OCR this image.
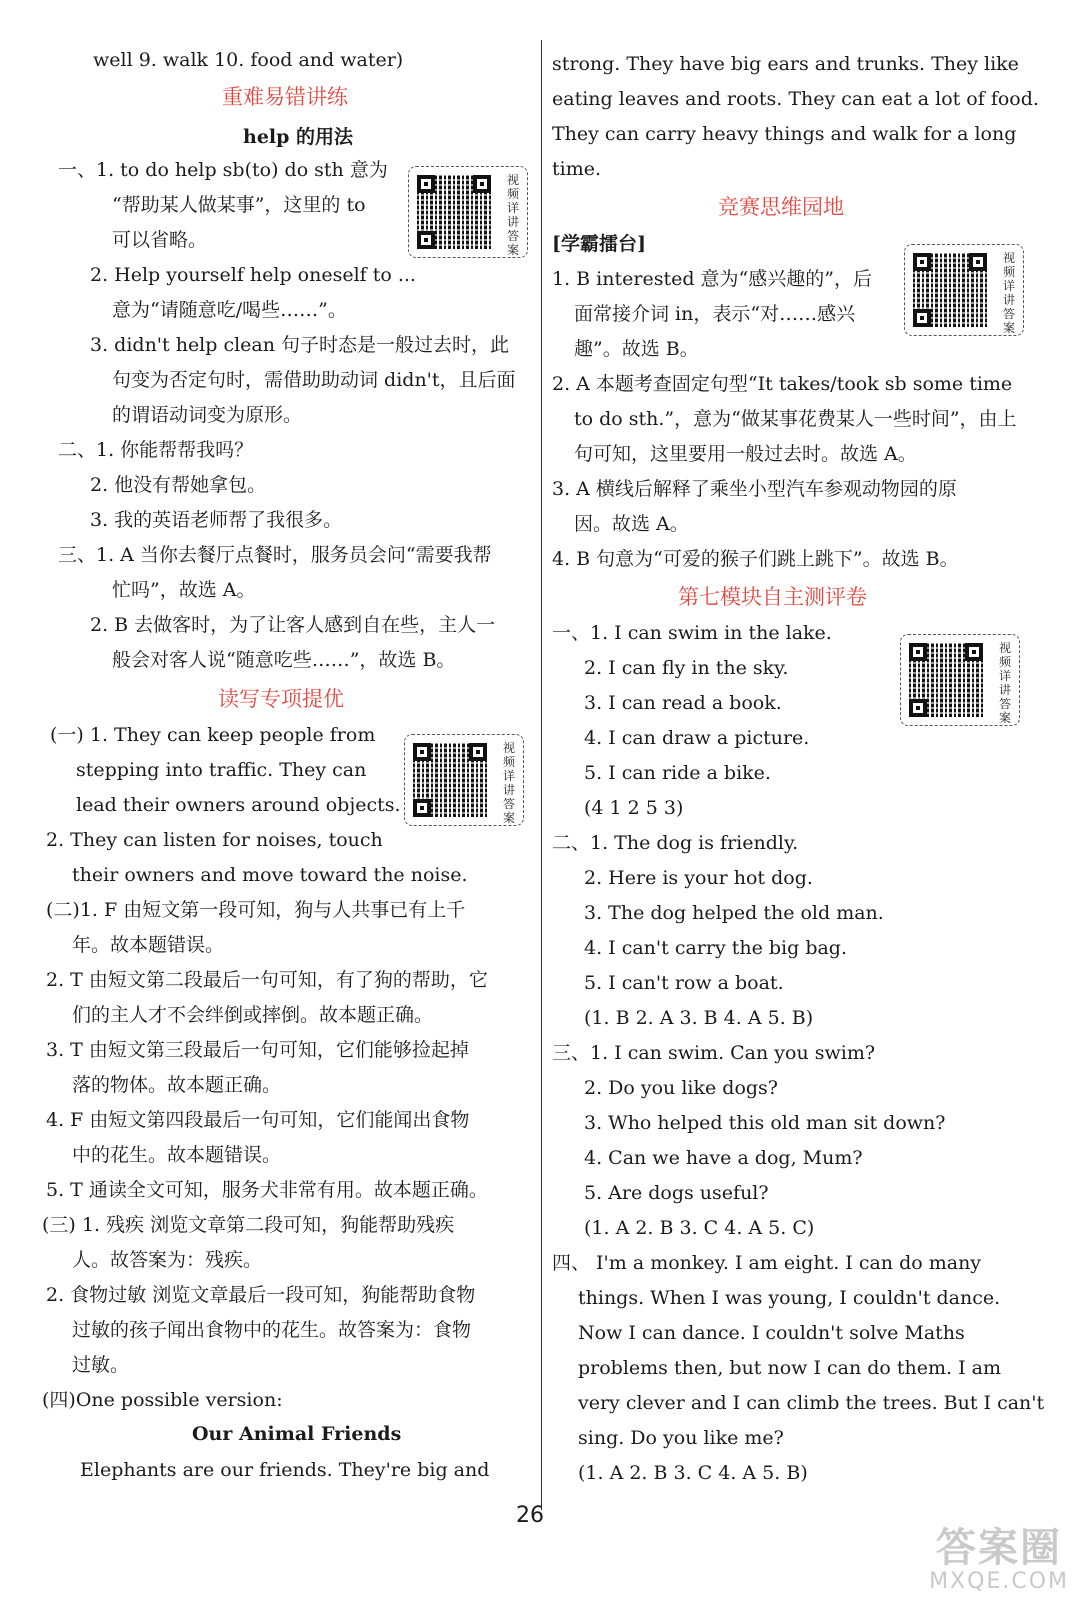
well 9. walk 10. food and water)
重难易错讲练
help 的用法
一、1. to do help sb(to) do sth 意为
“帮助某人做某事”，这里的 to
可以省略。
2. Help yourself help oneself to ...
意为“请随意吃/喝些……”。
3. didn't help clean 句子时态是一般过去时，此
句变为否定句时，需借助助动词 didn't，且后面
的谓语动词变为原形。
二、1. 你能帮帮我吗？
2. 他没有帮她拿包。
3. 我的英语老师帮了我很多。
三、1. A 当你去餐厅点餐时，服务员会问“需要我帮
忙吗”，故选 A。
2. B 去做客时，为了让客人感到自在些，主人一
般会对客人说“随意吃些……”，故选 B。
视频详讲答案
读写专项提优
(一) 1. They can keep people from
stepping into traffic. They can
lead their owners around objects.
2. They can listen for noises, touch
their owners and move toward the noise.
(二)1. F 由短文第一段可知，狗与人共事已有上千
年。故本题错误。
2. T 由短文第二段最后一句可知，有了狗的帮助，它
们的主人才不会绊倒或摔倒。故本题正确。
3. T 由短文第三段最后一句可知，它们能够捡起掉
落的物体。故本题正确。
4. F 由短文第四段最后一句可知，它们能闻出食物
中的花生。故本题错误。
5. T 通读全文可知，服务犬非常有用。故本题正确。
(三) 1. 残疾 浏览文章第二段可知，狗能帮助残疾
人。故答案为：残疾。
2. 食物过敏 浏览文章最后一段可知，狗能帮助食物
过敏的孩子闻出食物中的花生。故答案为：食物
过敏。
(四)One possible version:
视频详讲答案
Our Animal Friends
Elephants are our friends. They're big and
strong. They have big ears and trunks. They like
eating leaves and roots. They can eat a lot of food.
They can carry heavy things and walk for a long
time.
竞赛思维园地
[学霸擂台]
1. B interested 意为“感兴趣的”，后
面常接介词 in，表示“对……感兴
趣”。故选 B。
2. A 本题考查固定句型“It takes/took sb some time
to do sth.”，意为“做某事花费某人一些时间”，由上
句可知，这里要用一般过去时。故选 A。
3. A 横线后解释了乘坐小型汽车参观动物园的原
因。故选 A。
4. B 句意为“可爱的猴子们跳上跳下”。故选 B。
视频详讲答案
第七模块自主测评卷
一、1. I can swim in the lake.
2. I can fly in the sky.
3. I can read a book.
4. I can draw a picture.
5. I can ride a bike.
(4 1 2 5 3)
二、1. The dog is friendly.
2. Here is your hot dog.
3. The dog helped the old man.
4. I can't carry the big bag.
5. I can't row a boat.
(1. B 2. A 3. B 4. A 5. B)
三、1. I can swim. Can you swim?
2. Do you like dogs?
3. Who helped this old man sit down?
4. Can we have a dog, Mum?
5. Are dogs useful?
(1. A 2. B 3. C 4. A 5. C)
四、 I'm a monkey. I am eight. I can do many
things. When I was young, I couldn't dance.
Now I can dance. I couldn't solve Maths
problems then, but now I can do them. I am
very clever and I can climb the trees. But I can't
sing. Do you like me?
(1. A 2. B 3. C 4. A 5. B)
视频详讲答案
26
答案圈
MXQE.COM
